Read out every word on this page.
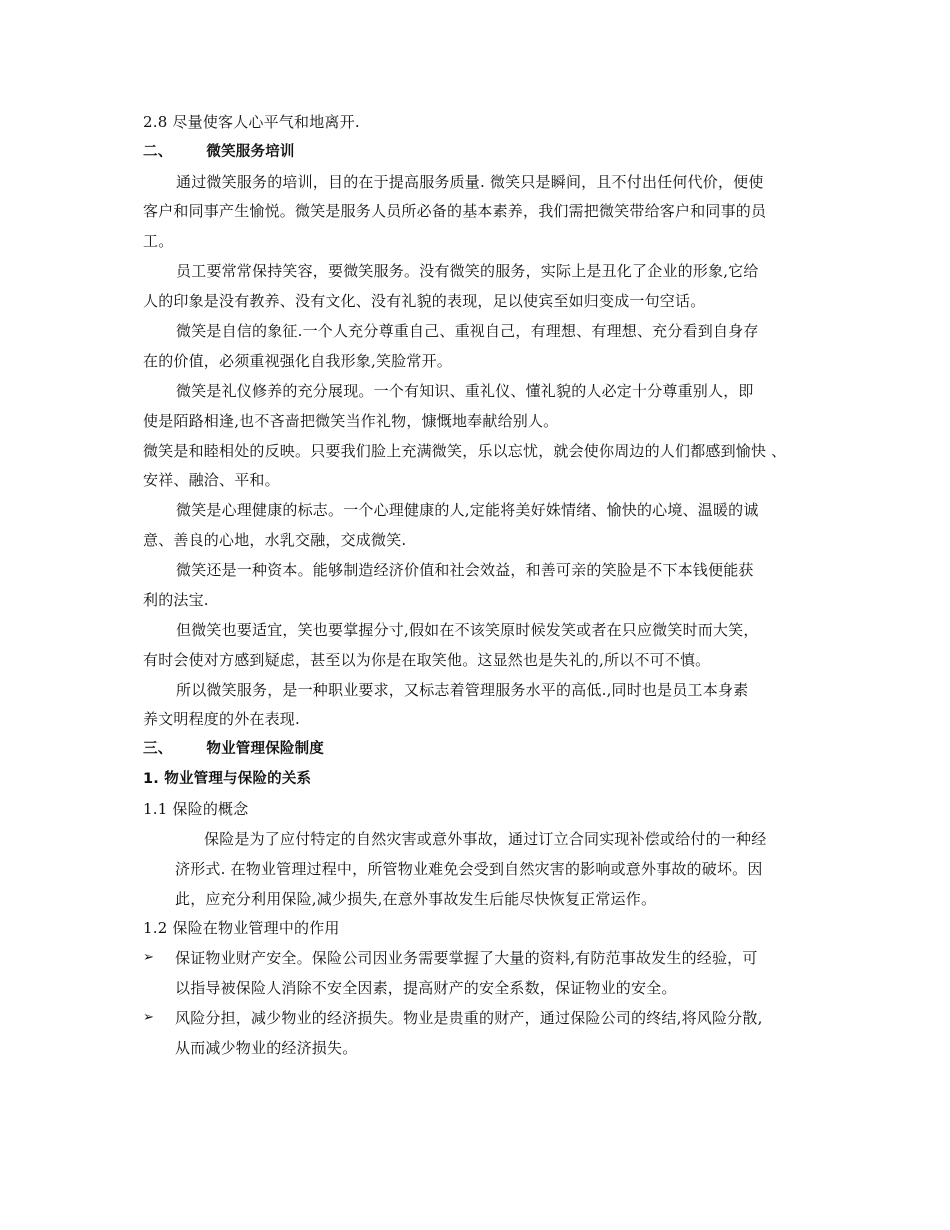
2.8 尽量使客人心平气和地离开.
二、 微笑服务培训
通过微笑服务的培训，目的在于提高服务质量. 微笑只是瞬间，且不付出任何代价，便使
客户和同事产生愉悦。微笑是服务人员所必备的基本素养，我们需把微笑带给客户和同事的员
工。
员工要常常保持笑容，要微笑服务。没有微笑的服务，实际上是丑化了企业的形象,它给
人的印象是没有教养、没有文化、没有礼貌的表现，足以使宾至如归变成一句空话。
微笑是自信的象征.一个人充分尊重自己、重视自己，有理想、有理想、充分看到自身存
在的价值，必须重视强化自我形象,笑脸常开。
微笑是礼仪修养的充分展现。一个有知识、重礼仪、懂礼貌的人必定十分尊重别人，即
使是陌路相逢,也不吝啬把微笑当作礼物，慷慨地奉献给别人。
微笑是和睦相处的反映。只要我们脸上充满微笑，乐以忘忧，就会使你周边的人们都感到愉快 、
安祥、融洽、平和。
微笑是心理健康的标志。一个心理健康的人,定能将美好姝情绪、愉快的心境、温暖的诚
意、善良的心地，水乳交融，交成微笑.
微笑还是一种资本。能够制造经济价值和社会效益，和善可亲的笑脸是不下本钱便能获
利的法宝.
但微笑也要适宜，笑也要掌握分寸,假如在不该笑原时候发笑或者在只应微笑时而大笑，
有时会使对方感到疑虑，甚至以为你是在取笑他。这显然也是失礼的,所以不可不慎。
所以微笑服务，是一种职业要求，又标志着管理服务水平的高低.,同时也是员工本身素
养文明程度的外在表现.
三、 物业管理保险制度
1. 物业管理与保险的关系
1.1 保险的概念
保险是为了应付特定的自然灾害或意外事故，通过订立合同实现补偿或给付的一种经
济形式. 在物业管理过程中，所管物业难免会受到自然灾害的影响或意外事故的破坏。因
此，应充分利用保险,减少损失,在意外事故发生后能尽快恢复正常运作。
1.2 保险在物业管理中的作用
➢ 保证物业财产安全。保险公司因业务需要掌握了大量的资料,有防范事故发生的经验，可
以指导被保险人消除不安全因素，提高财产的安全系数，保证物业的安全。
➢ 风险分担，减少物业的经济损失。物业是贵重的财产，通过保险公司的终结,将风险分散,
从而减少物业的经济损失。
